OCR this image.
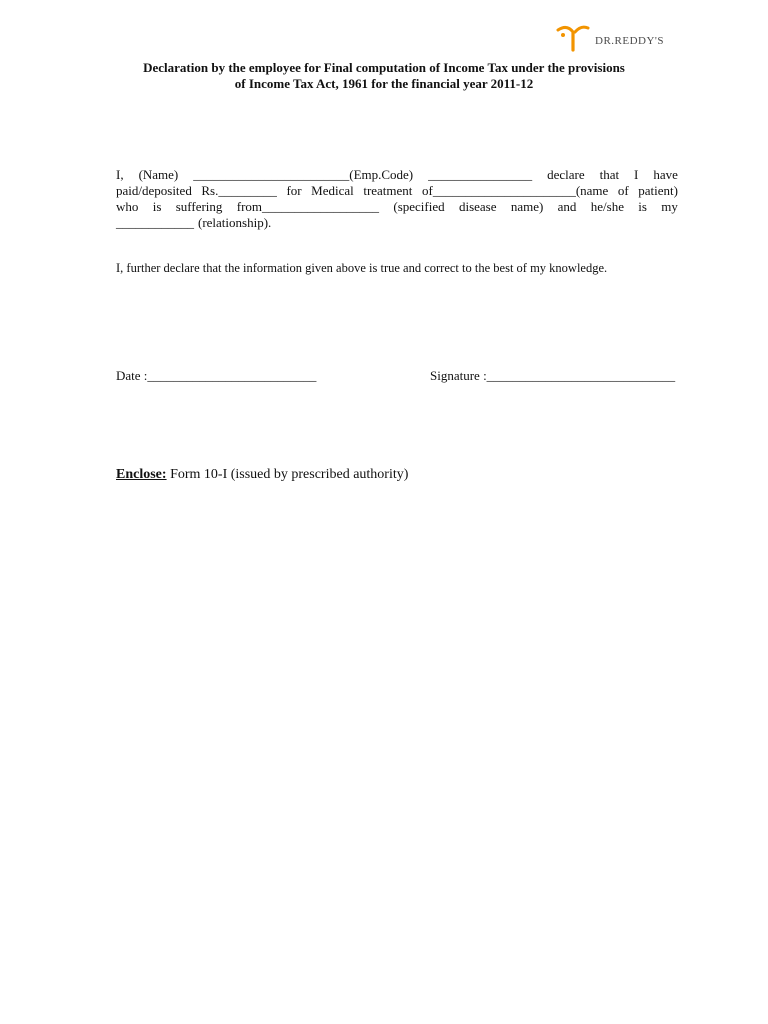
DR.REDDY'S
Declaration by the employee for Final computation of Income Tax under the provisions
of Income Tax Act, 1961 for the financial year 2011-12
I, (Name) ________________________(Emp.Code) ________________ declare that I have
paid/deposited Rs._________ for Medical treatment of______________________(name of patient)
who is suffering from__________________ (specified disease name) and he/she is my
____________ (relationship).
I, further declare that the information given above is true and correct to the best of my knowledge.
Date :__________________________	Signature :_____________________________
Enclose: Form 10-I (issued by prescribed authority)
